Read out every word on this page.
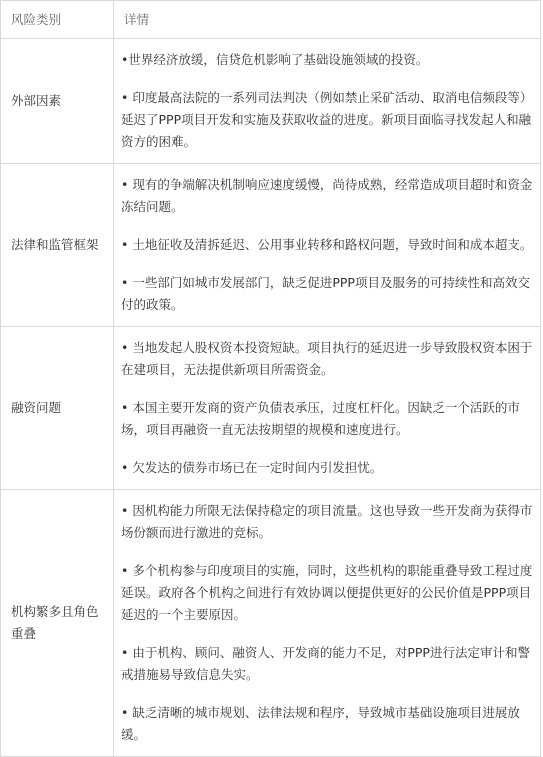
风险类别	详情
外部因素	•世界经济放缓，信贷危机影响了基础设施领域的投资。

• 印度最高法院的一系列司法判决（例如禁止采矿活动、取消电信频段等）延迟了PPP项目开发和实施及获取收益的进度。新项目面临寻找发起人和融资方的困难。

法律和监管框架	• 现有的争端解决机制响应速度缓慢，尚待成熟，经常造成项目超时和资金冻结问题。

• 土地征收及清拆延迟、公用事业转移和路权问题，导致时间和成本超支。

• 一些部门如城市发展部门，缺乏促进PPP项目及服务的可持续性和高效交付的政策。

融资问题	• 当地发起人股权资本投资短缺。项目执行的延迟进一步导致股权资本困于在建项目，无法提供新项目所需资金。

• 本国主要开发商的资产负债表承压，过度杠杆化。因缺乏一个活跃的市场，项目再融资一直无法按期望的规模和速度进行。

• 欠发达的债券市场已在一定时间内引发担忧。

机构繁多且角色重叠	• 因机构能力所限无法保持稳定的项目流量。这也导致一些开发商为获得市场份额而进行激进的竞标。

• 多个机构参与印度项目的实施，同时，这些机构的职能重叠导致工程过度延误。政府各个机构之间进行有效协调以便提供更好的公民价值是PPP项目延迟的一个主要原因。

• 由于机构、顾问、融资人、开发商的能力不足，对PPP进行法定审计和警戒措施易导致信息失实。

• 缺乏清晰的城市规划、法律法规和程序，导致城市基础设施项目进展放缓。
